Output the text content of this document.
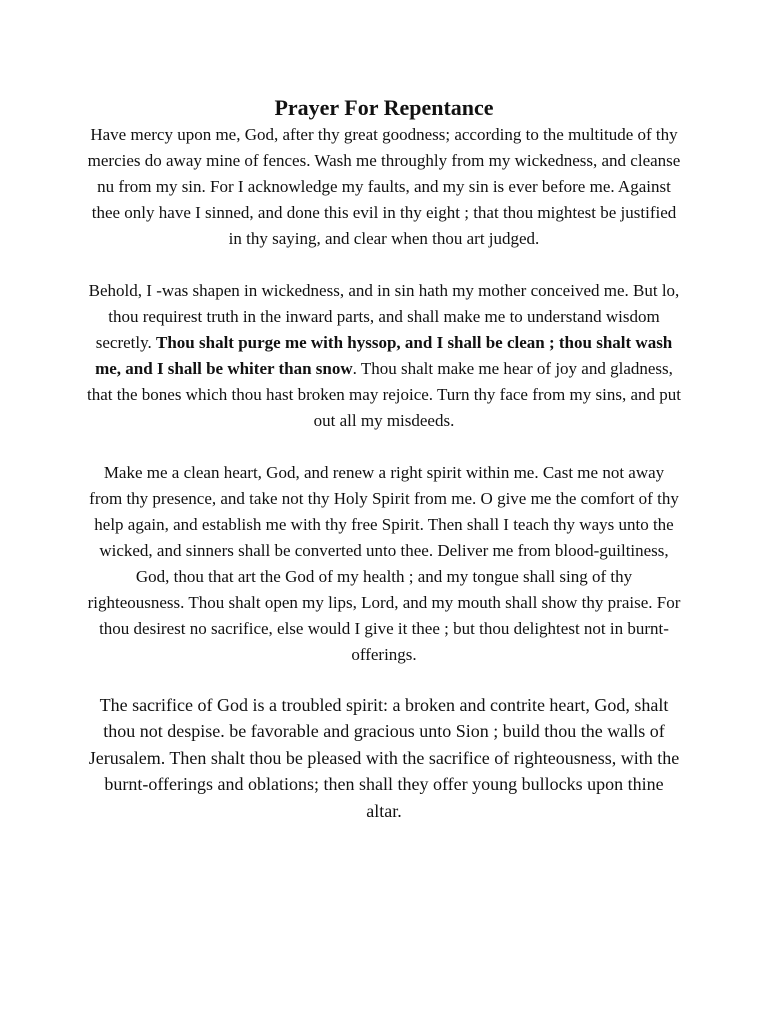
Prayer For Repentance

Have mercy upon me, God, after thy great goodness; according to the multitude of thy mercies do away mine of fences. Wash me throughly from my wickedness, and cleanse nu from my sin. For I acknowledge my faults, and my sin is ever before me. Against thee only have I sinned, and done this evil in thy eight ; that thou mightest be justified in thy saying, and clear when thou art judged.

Behold, I -was shapen in wickedness, and in sin hath my mother conceived me. But lo, thou requirest truth in the inward parts, and shall make me to understand wisdom secretly. Thou shalt purge me with hyssop, and I shall be clean ; thou shalt wash me, and I shall be whiter than snow. Thou shalt make me hear of joy and gladness, that the bones which thou hast broken may rejoice. Turn thy face from my sins, and put out all my misdeeds.

Make me a clean heart, God, and renew a right spirit within me. Cast me not away from thy presence, and take not thy Holy Spirit from me. O give me the comfort of thy help again, and establish me with thy free Spirit. Then shall I teach thy ways unto the wicked, and sinners shall be converted unto thee. Deliver me from blood-guiltiness, God, thou that art the God of my health ; and my tongue shall sing of thy righteousness. Thou shalt open my lips, Lord, and my mouth shall show thy praise. For thou desirest no sacrifice, else would I give it thee ; but thou delightest not in burnt-offerings.

The sacrifice of God is a troubled spirit: a broken and contrite heart, God, shalt thou not despise. be favorable and gracious unto Sion ; build thou the walls of Jerusalem. Then shalt thou be pleased with the sacrifice of righteousness, with the burnt-offerings and oblations; then shall they offer young bullocks upon thine altar.
